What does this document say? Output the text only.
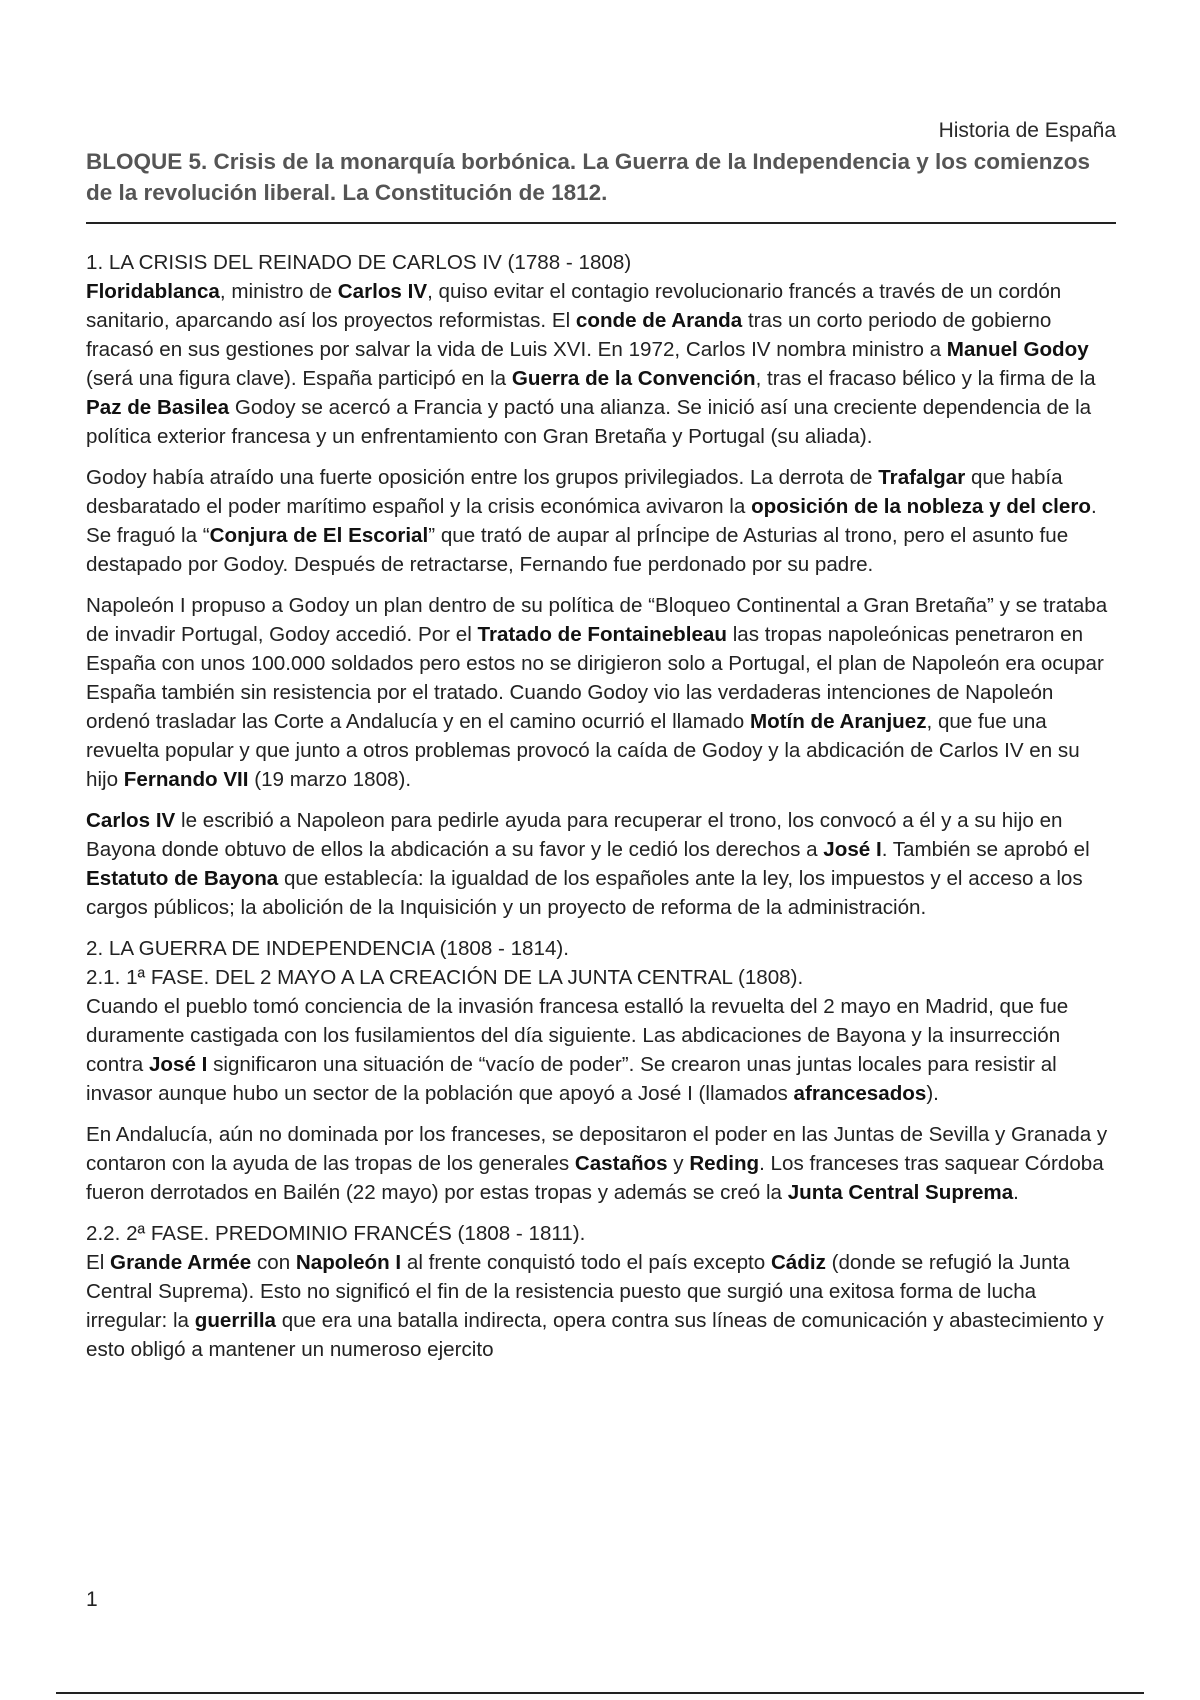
Historia de España
BLOQUE 5. Crisis de la monarquía borbónica. La Guerra de la Independencia y los comienzos de la revolución liberal. La Constitución de 1812.
1. LA CRISIS DEL REINADO DE CARLOS IV (1788 - 1808)

Floridablanca, ministro de Carlos IV, quiso evitar el contagio revolucionario francés a través de un cordón sanitario, aparcando así los proyectos reformistas. El conde de Aranda tras un corto periodo de gobierno fracasó en sus gestiones por salvar la vida de Luis XVI. En 1972, Carlos IV nombra ministro a Manuel Godoy (será una figura clave). España participó en la Guerra de la Convención, tras el fracaso bélico y la firma de la Paz de Basilea Godoy se acercó a Francia y pactó una alianza. Se inició así una creciente dependencia de la política exterior francesa y un enfrentamiento con Gran Bretaña y Portugal (su aliada).

Godoy había atraído una fuerte oposición entre los grupos privilegiados. La derrota de Trafalgar que había desbaratado el poder marítimo español y la crisis económica avivaron la oposición de la nobleza y del clero. Se fraguó la “Conjura de El Escorial” que trató de aupar al prÍncipe de Asturias al trono, pero el asunto fue destapado por Godoy. Después de retractarse, Fernando fue perdonado por su padre.

Napoleón I propuso a Godoy un plan dentro de su política de “Bloqueo Continental a Gran Bretaña” y se trataba de invadir Portugal, Godoy accedió. Por el Tratado de Fontainebleau las tropas napoleónicas penetraron en España con unos 100.000 soldados pero estos no se dirigieron solo a Portugal, el plan de Napoleón era ocupar España también sin resistencia por el tratado. Cuando Godoy vio las verdaderas intenciones de Napoleón ordenó trasladar las Corte a Andalucía y en el camino ocurrió el llamado Motín de Aranjuez, que fue una revuelta popular y que junto a otros problemas provocó la caída de Godoy y la abdicación de Carlos IV en su hijo Fernando VII (19 marzo 1808).

Carlos IV le escribió a Napoleon para pedirle ayuda para recuperar el trono, los convocó a él y a su hijo en Bayona donde obtuvo de ellos la abdicación a su favor y le cedió los derechos a José I. También se aprobó el Estatuto de Bayona que establecía: la igualdad de los españoles ante la ley, los impuestos y el acceso a los cargos públicos; la abolición de la Inquisición y un proyecto de reforma de la administración.

2. LA GUERRA DE INDEPENDENCIA (1808 - 1814).
2.1. 1ª FASE. DEL 2 MAYO A LA CREACIÓN DE LA JUNTA CENTRAL (1808).

Cuando el pueblo tomó conciencia de la invasión francesa estalló la revuelta del 2 mayo en Madrid, que fue duramente castigada con los fusilamientos del día siguiente. Las abdicaciones de Bayona y la insurrección contra José I significaron una situación de “vacío de poder”. Se crearon unas juntas locales para resistir al invasor aunque hubo un sector de la población que apoyó a José I (llamados afrancesados).

En Andalucía, aún no dominada por los franceses, se depositaron el poder en las Juntas de Sevilla y Granada y contaron con la ayuda de las tropas de los generales Castaños y Reding. Los franceses tras saquear Córdoba fueron derrotados en Bailén (22 mayo) por estas tropas y además se creó la Junta Central Suprema.

2.2. 2ª FASE. PREDOMINIO FRANCÉS (1808 - 1811).

El Grande Armée con Napoleón I al frente conquistó todo el país excepto Cádiz (donde se refugió la Junta Central Suprema). Esto no significó el fin de la resistencia puesto que surgió una exitosa forma de lucha irregular: la guerrilla que era una batalla indirecta, opera contra sus líneas de comunicación y abastecimiento y esto obligó a mantener un numeroso ejercito

1
